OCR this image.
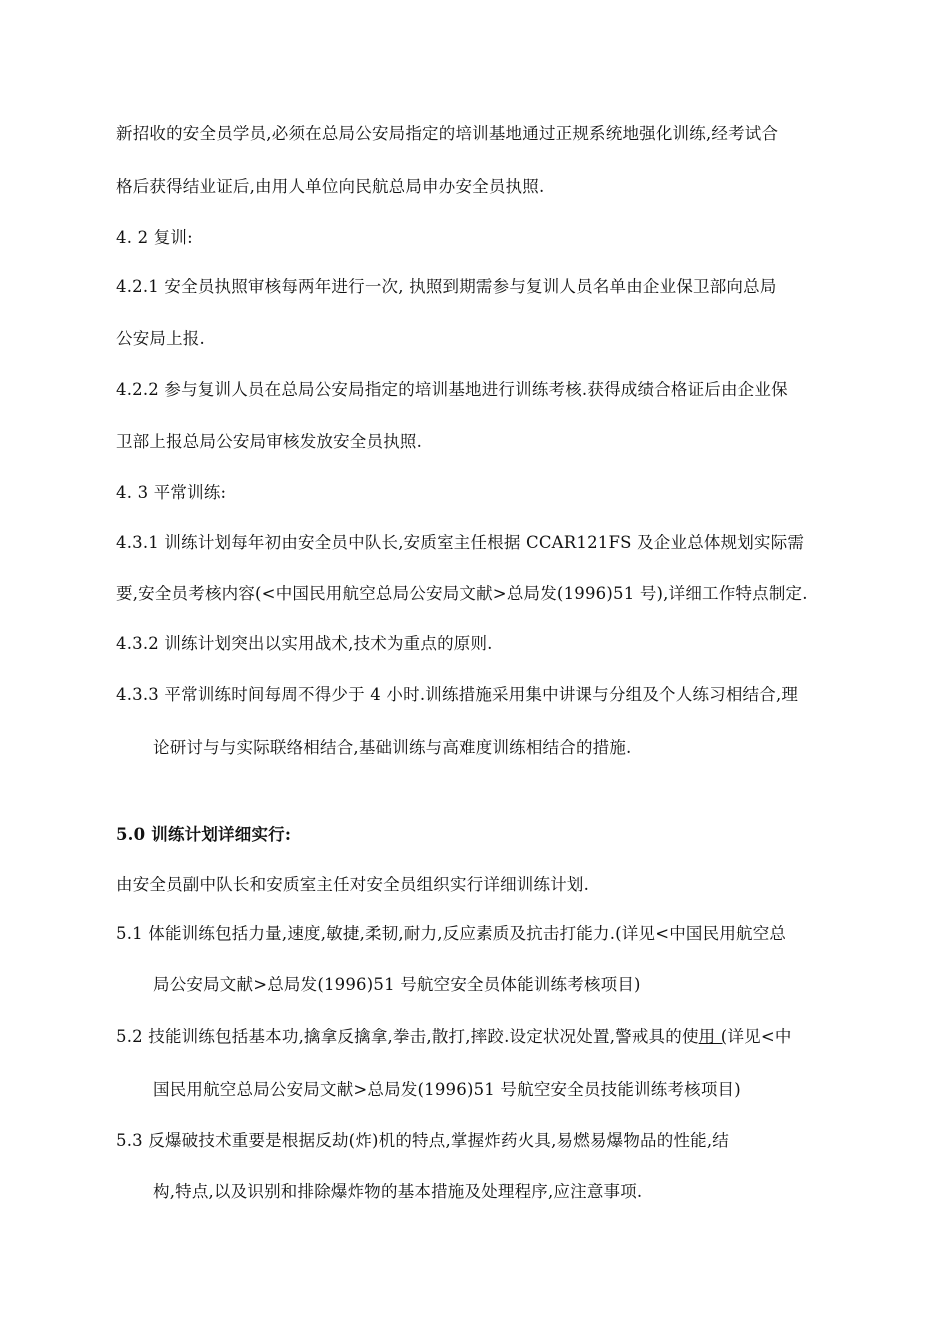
新招收的安全员学员,必须在总局公安局指定的培训基地通过正规系统地强化训练,经考试合
格后获得结业证后,由用人单位向民航总局申办安全员执照.
4. 2 复训:
4.2.1 安全员执照审核每两年进行一次, 执照到期需参与复训人员名单由企业保卫部向总局
公安局上报.
4.2.2 参与复训人员在总局公安局指定的培训基地进行训练考核.获得成绩合格证后由企业保
卫部上报总局公安局审核发放安全员执照.
4. 3 平常训练:
4.3.1 训练计划每年初由安全员中队长,安质室主任根据 CCAR121FS 及企业总体规划实际需
要,安全员考核内容(<中国民用航空总局公安局文献>总局发(1996)51 号),详细工作特点制定.
4.3.2 训练计划突出以实用战术,技术为重点的原则.
4.3.3 平常训练时间每周不得少于 4 小时.训练措施采用集中讲课与分组及个人练习相结合,理
论研讨与与实际联络相结合,基础训练与高难度训练相结合的措施.
5.0 训练计划详细实行:
由安全员副中队长和安质室主任对安全员组织实行详细训练计划.
5.1 体能训练包括力量,速度,敏捷,柔韧,耐力,反应素质及抗击打能力.(详见<中国民用航空总
局公安局文献>总局发(1996)51 号航空安全员体能训练考核项目)
5.2 技能训练包括基本功,擒拿反擒拿,拳击,散打,摔跤.设定状况处置,警戒具的使用 (详见<中
国民用航空总局公安局文献>总局发(1996)51 号航空安全员技能训练考核项目)
5.3 反爆破技术重要是根据反劫(炸)机的特点,掌握炸药火具,易燃易爆物品的性能,结
构,特点,以及识别和排除爆炸物的基本措施及处理程序,应注意事项.
